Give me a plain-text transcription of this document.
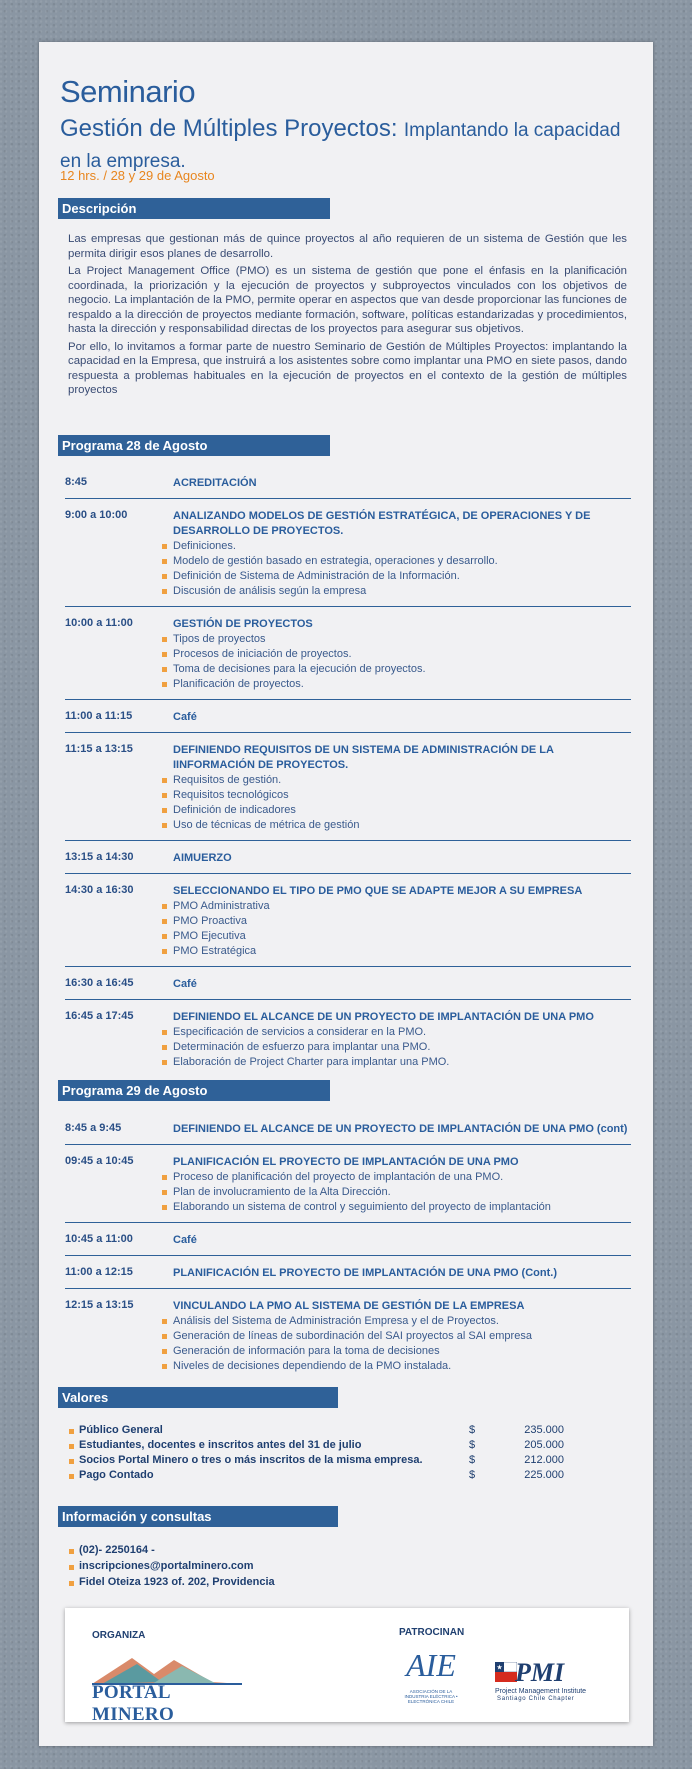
Seminario
Gestión de Múltiples Proyectos: Implantando la capacidad
en la empresa.
12 hrs. / 28 y 29 de Agosto
Descripción

Las empresas que gestionan más de quince proyectos al año requieren de un sistema de Gestión que les permita dirigir esos planes de desarrollo.

La Project Management Office (PMO) es un sistema de gestión que pone el énfasis en la planificación coordinada, la priorización y la ejecución de proyectos y subproyectos vinculados con los objetivos de negocio. La implantación de la PMO, permite operar en aspectos que van desde proporcionar las funciones de respaldo a la dirección de proyectos mediante formación, software, políticas estandarizadas y procedimientos, hasta la dirección y responsabilidad directas de los proyectos para asegurar sus objetivos.

Por ello, lo invitamos a formar parte de nuestro Seminario de Gestión de Múltiples Proyectos: implantando la capacidad en la Empresa, que instruirá a los asistentes sobre como implantar una PMO en siete pasos, dando respuesta a problemas habituales en la ejecución de proyectos en el contexto de la gestión de múltiples proyectos

Programa 28 de Agosto
8:45	ACREDITACIÓN
9:00 a 10:00	ANALIZANDO MODELOS DE GESTIÓN ESTRATÉGICA, DE OPERACIONES Y DE DESARROLLO DE PROYECTOS.
Definiciones.
Modelo de gestión basado en estrategia, operaciones y desarrollo.
Definición de Sistema de Administración de la Información.
Discusión de análisis según la empresa
10:00 a 11:00	GESTIÓN DE PROYECTOS
Tipos de proyectos
Procesos de iniciación de proyectos.
Toma de decisiones para la ejecución de proyectos.
Planificación de proyectos.
11:00 a 11:15	Café
11:15 a 13:15	DEFINIENDO REQUISITOS DE UN SISTEMA DE ADMINISTRACIÓN DE LA IINFORMACIÓN DE PROYECTOS.
Requisitos de gestión.
Requisitos tecnológicos
Definición de indicadores
Uso de técnicas de métrica de gestión
13:15 a 14:30	AIMUERZO
14:30 a 16:30	SELECCIONANDO EL TIPO DE PMO QUE SE ADAPTE MEJOR A SU EMPRESA
PMO Administrativa
PMO Proactiva
PMO Ejecutiva
PMO Estratégica
16:30 a 16:45	Café
16:45 a 17:45	DEFINIENDO EL ALCANCE DE UN PROYECTO DE IMPLANTACIÓN DE UNA PMO
Especificación de servicios a considerar en la PMO.
Determinación de esfuerzo para implantar una PMO.
Elaboración de Project Charter para implantar una PMO.
Programa 29 de Agosto
8:45 a 9:45	DEFINIENDO EL ALCANCE DE UN PROYECTO DE IMPLANTACIÓN DE UNA PMO (cont)
09:45 a 10:45	PLANIFICACIÓN EL PROYECTO DE IMPLANTACIÓN DE UNA PMO
Proceso de planificación del proyecto de implantación de una PMO.
Plan de involucramiento de la Alta Dirección.
Elaborando un sistema de control y seguimiento del proyecto de implantación
10:45 a 11:00	Café
11:00 a 12:15	PLANIFICACIÓN EL PROYECTO DE IMPLANTACIÓN DE UNA PMO (Cont.)
12:15 a 13:15	VINCULANDO LA PMO AL SISTEMA DE GESTIÓN DE LA EMPRESA
Análisis del Sistema de Administración Empresa y el de Proyectos.
Generación de líneas de subordinación del SAI proyectos al SAI empresa
Generación de información para la toma de decisiones
Niveles de decisiones dependiendo de la PMO instalada.
Valores
Público General	$	235.000
Estudiantes, docentes e inscritos antes del 31 de julio	$	205.000
Socios Portal Minero o tres o más inscritos de la misma empresa.	$	212.000
Pago Contado	$	225.000
Información y consultas
(02)- 2250164 -
inscripciones@portalminero.com
Fidel Oteiza 1923 of. 202, Providencia
ORGANIZA	PATROCINAN
PORTAL MINERO
AIE
ASOCIACIÓN DE LA INDUSTRIA ELÉCTRICA • ELECTRÓNICA CHILE
★ PMI
Project Management Institute
Santiago Chile Chapter
